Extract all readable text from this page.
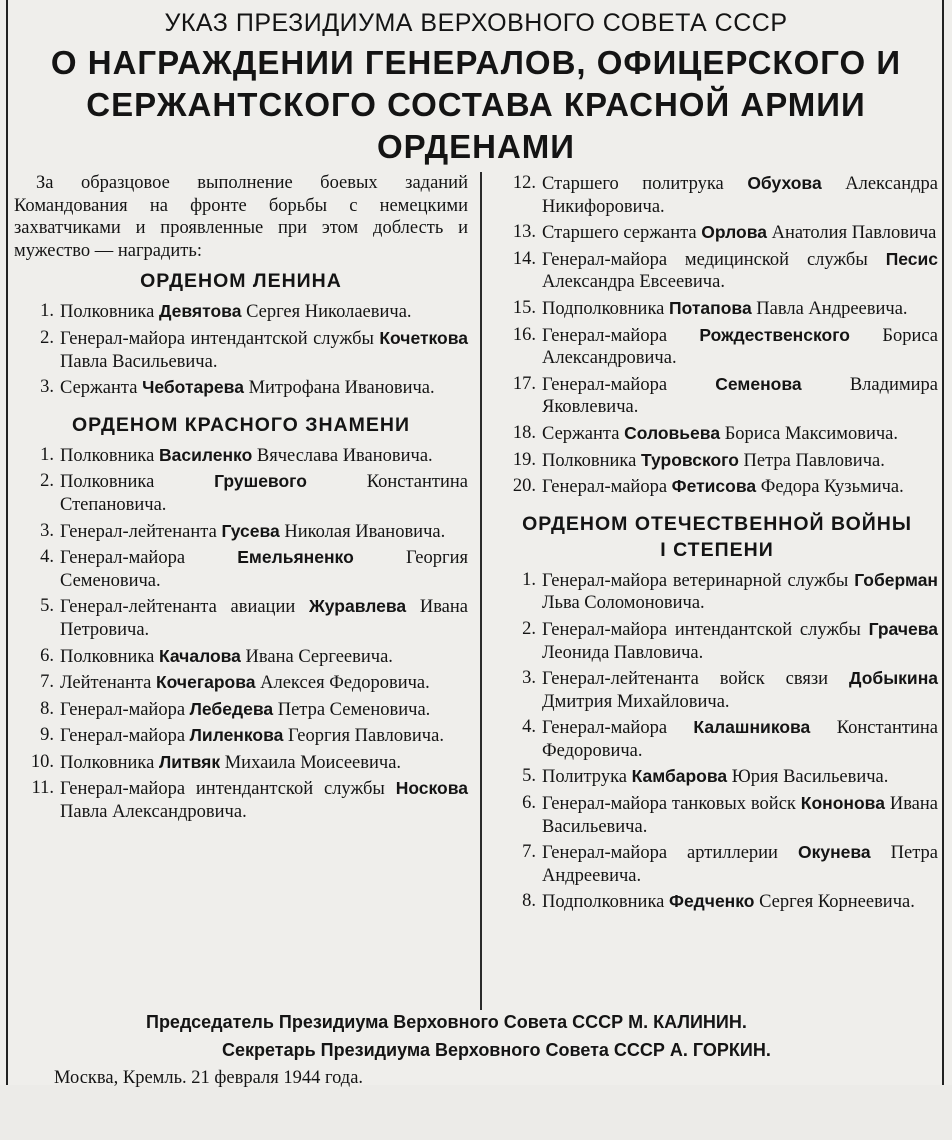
УКАЗ ПРЕЗИДИУМА ВЕРХОВНОГО СОВЕТА СССР
О НАГРАЖДЕНИИ ГЕНЕРАЛОВ, ОФИЦЕРСКОГО И
СЕРЖАНТСКОГО СОСТАВА КРАСНОЙ АРМИИ
ОРДЕНАМИ

За образцовое выполнение боевых заданий Командования на фронте борьбы с немецкими захватчиками и проявленные при этом доблесть и мужество — наградить:

ОРДЕНОМ ЛЕНИНА
1. Полковника Девятова Сергея Николаевича.
2. Генерал-майора интендантской службы Кочеткова Павла Васильевича.
3. Сержанта Чеботарева Митрофана Ивановича.
ОРДЕНОМ КРАСНОГО ЗНАМЕНИ
1. Полковника Василенко Вячеслава Ивановича.
2. Полковника	Грушевого	Константина Степановича.
3. Генерал-лейтенанта Гусева Николая Ивановича.
4. Генерал-майора	Емельяненко	Георгия Семеновича.
5. Генерал-лейтенанта авиации Журавлева Ивана Петровича.
6. Полковника Качалова Ивана Сергеевича.
7. Лейтенанта Кочегарова Алексея Федоровича.
8. Генерал-майора Лебедева Петра Семеновича.
9. Генерал-майора Лиленкова Георгия Павловича.
10. Полковника Литвяк Михаила Моисеевича.
11. Генерал-майора интендантской службы Носкова Павла Александровича.
12. Старшего политрука Обухова Александра Никифоровича.
13. Старшего сержанта Орлова Анатолия Павловича
14. Генерал-майора медицинской службы Песис Александра Евсеевича.
15. Подполковника Потапова Павла Андреевича.
16. Генерал-майора Рождественского Бориса Александровича.
17. Генерал-майора	Семенова	Владимира Яковлевича.
18. Сержанта Соловьева Бориса Максимовича.
19. Полковника Туровского Петра Павловича.
20. Генерал-майора Фетисова Федора Кузьмича.
ОРДЕНОМ ОТЕЧЕСТВЕННОЙ ВОЙНЫ
I СТЕПЕНИ
1. Генерал-майора ветеринарной службы Гоберман Льва Соломоновича.
2. Генерал-майора интендантской службы Грачева Леонида Павловича.
3. Генерал-лейтенанта войск связи Добыкина Дмитрия Михайловича.
4. Генерал-майора Калашникова Константина Федоровича.
5. Политрука Камбарова Юрия Васильевича.
6. Генерал-майора танковых войск Кононова Ивана Васильевича.
7. Генерал-майора артиллерии Окунева Петра Андреевича.
8. Подполковника Федченко Сергея Корнеевича.
Председатель Президиума Верховного Совета СССР М. КАЛИНИН.
Секретарь Президиума Верховного Совета СССР А. ГОРКИН.
Москва, Кремль. 21 февраля 1944 года.
